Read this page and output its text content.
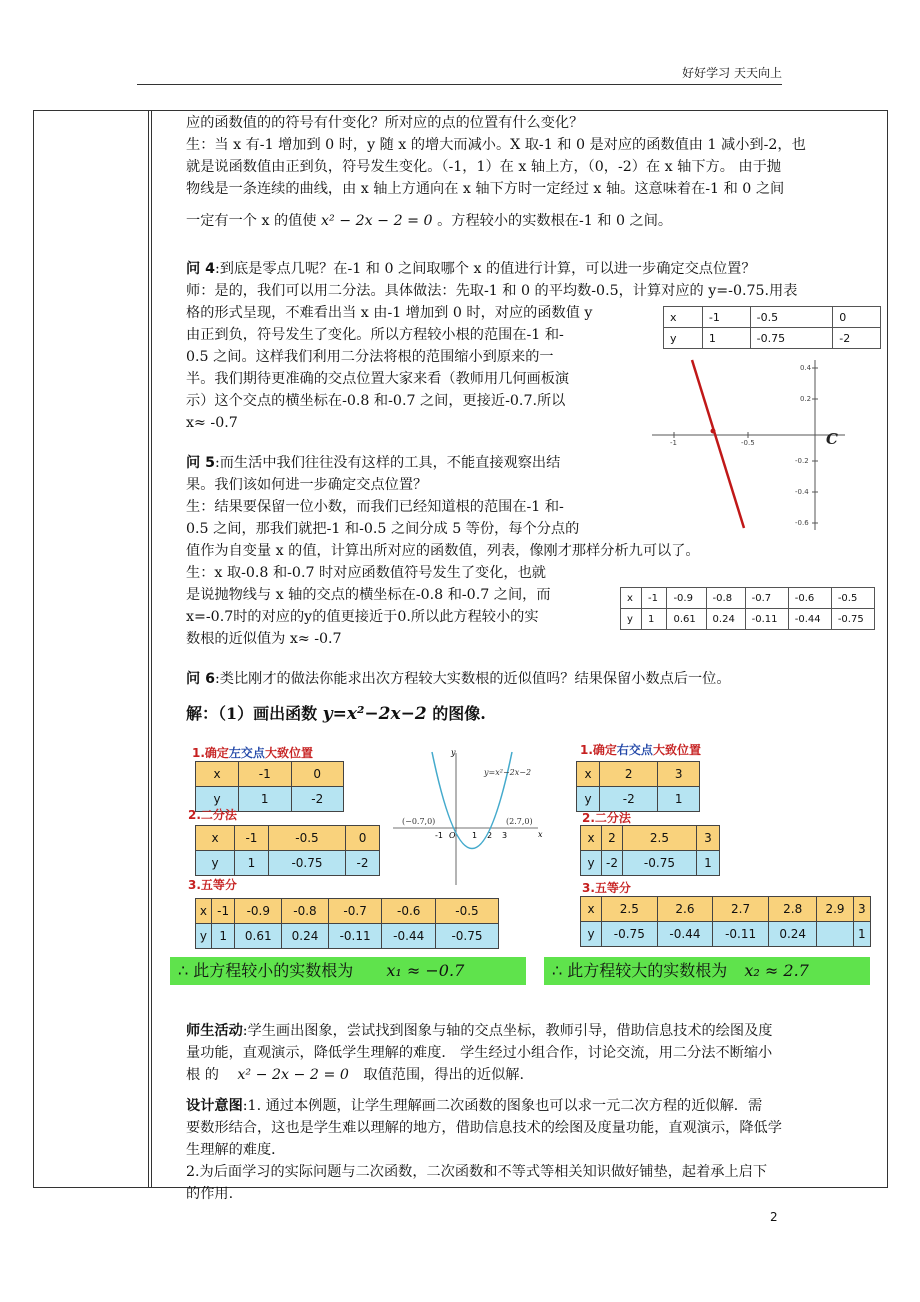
好好学习 天天向上

应的函数值的的符号有什变化？所对应的点的位置有什么变化？

生：当 x 有-1 增加到 0 时，y 随 x 的增大而减小。X 取-1 和 0 是对应的函数值由 1 减小到-2，也

就是说函数值由正到负，符号发生变化。（-1，1）在 x 轴上方，（0，-2）在 x 轴下方。 由于抛

物线是一条连续的曲线，由 x 轴上方通向在 x 轴下方时一定经过 x 轴。这意味着在-1 和 0 之间

一定有一个 x 的值使 x² − 2x − 2 = 0 。方程较小的实数根在-1 和 0 之间。

问 4:到底是零点几呢？在-1 和 0 之间取哪个 x 的值进行计算，可以进一步确定交点位置？

师：是的，我们可以用二分法。具体做法：先取-1 和 0 的平均数-0.5，计算对应的 y=-0.75.用表

格的形式呈现，不难看出当 x 由-1 增加到 0 时，对应的函数值 y

由正到负，符号发生了变化。所以方程较小根的范围在-1 和-

0.5 之间。这样我们利用二分法将根的范围缩小到原来的一

半。我们期待更准确的交点位置大家来看（教师用几何画板演

示）这个交点的横坐标在-0.8 和-0.7 之间，更接近-0.7.所以

x≈ -0.7

x	-1	-0.5	0
y	1	-0.75	-2
-1	-0.5
0.4
0.2
-0.2
-0.4
-0.6
C

问 5:而生活中我们往往没有这样的工具，不能直接观察出结

果。我们该如何进一步确定交点位置？

生：结果要保留一位小数，而我们已经知道根的范围在-1 和-

0.5 之间，那我们就把-1 和-0.5 之间分成 5 等份，每个分点的

值作为自变量 x 的值，计算出所对应的函数值，列表，像刚才那样分析九可以了。

生：x 取-0.8 和-0.7 时对应函数值符号发生了变化，也就

是说抛物线与 x 轴的交点的横坐标在-0.8 和-0.7 之间，而

x=-0.7时的对应的y的值更接近于0.所以此方程较小的实

数根的近似值为 x≈ -0.7

x	-1	-0.9	-0.8	-0.7	-0.6	-0.5
y	1	0.61	0.24	-0.11	-0.44	-0.75

问 6:类比刚才的做法你能求出次方程较大实数根的近似值吗？结果保留小数点后一位。

解：（1）画出函数 y=x²−2x−2 的图像.
1.确定左交点大致位置
x	-1	0
y	1	-2
2.二分法
x	-1	-0.5	0
y	1	-0.75	-2
3.五等分
x	-1	-0.9	-0.8	-0.7	-0.6	-0.5
y	1	0.61	0.24	-0.11	-0.44	-0.75
y
x
-1 O 1 2 3
y=x²−2x−2
(−0.7,0)	(2.7,0)
1.确定右交点大致位置
x	2	3
y	-2	1
2.二分法
x	2	2.5	3
y	-2	-0.75	1
3.五等分
x	2.5	2.6	2.7	2.8	2.9	3
y	-0.75	-0.44	-0.11	0.24		1
∴ 此方程较小的实数根为 x₁ ≈ −0.7	∴ 此方程较大的实数根为 x₂ ≈ 2.7

师生活动:学生画出图象，尝试找到图象与轴的交点坐标，教师引导，借助信息技术的绘图及度

量功能，直观演示，降低学生理解的难度． 学生经过小组合作，讨论交流，用二分法不断缩小

根 的 x² − 2x − 2 = 0 取值范围，得出的近似解.

设计意图:1. 通过本例题，让学生理解画二次函数的图象也可以求一元二次方程的近似解．需

要数形结合，这也是学生难以理解的地方，借助信息技术的绘图及度量功能，直观演示，降低学

生理解的难度．

2.为后面学习的实际问题与二次函数，二次函数和不等式等相关知识做好铺垫，起着承上启下

的作用.

2
